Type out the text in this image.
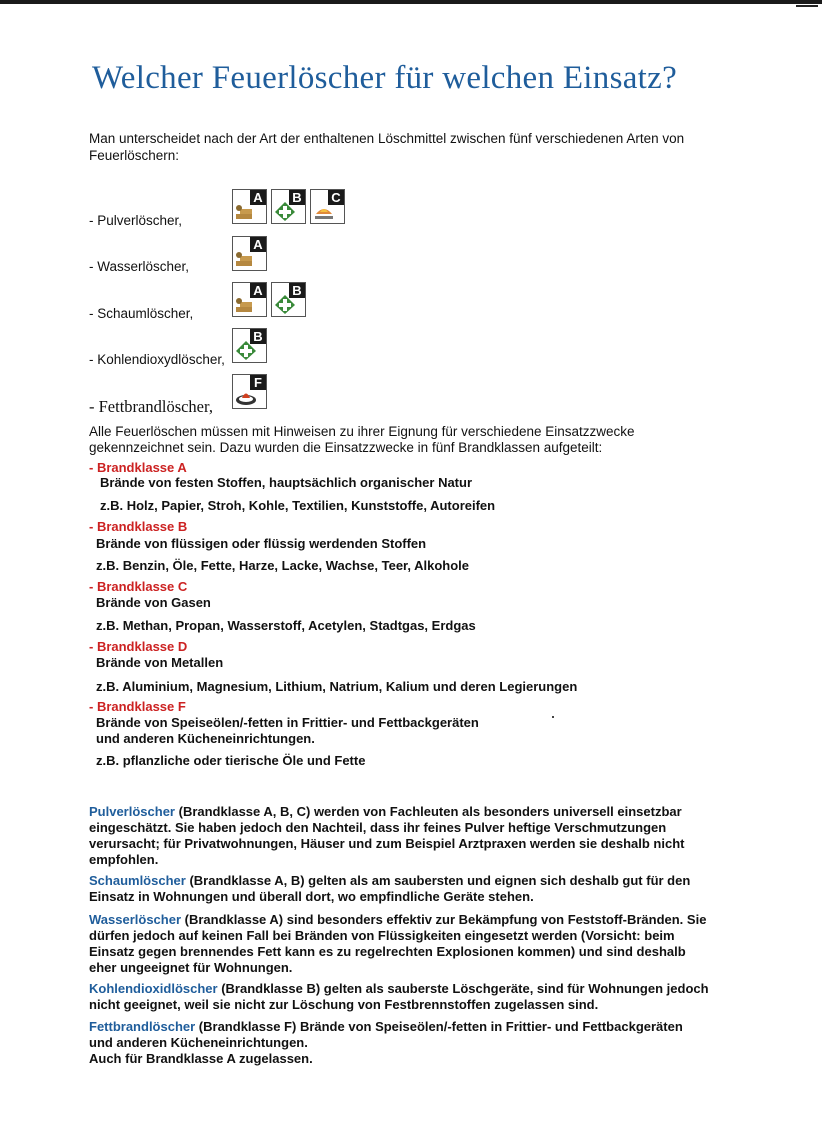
Welcher Feuerlöscher für welchen Einsatz?
Man unterscheidet nach der Art der enthaltenen Löschmittel zwischen fünf verschiedenen Arten von Feuerlöschern:
- Pulverlöscher,
- Wasserlöscher,
- Schaumlöscher,
- Kohlendioxydlöscher,
- Fettbrandlöscher,
A B C
A
A B
B
F
Alle Feuerlöschen müssen mit Hinweisen zu ihrer Eignung für verschiedene Einsatzzwecke gekennzeichnet sein. Dazu wurden die Einsatzzwecke in fünf Brandklassen aufgeteilt:
- Brandklasse A
Brände von festen Stoffen, hauptsächlich organischer Natur
z.B. Holz, Papier, Stroh, Kohle, Textilien, Kunststoffe, Autoreifen
- Brandklasse B
Brände von flüssigen oder flüssig werdenden Stoffen
z.B. Benzin, Öle, Fette, Harze, Lacke, Wachse, Teer, Alkohole
- Brandklasse C
Brände von Gasen
z.B. Methan, Propan, Wasserstoff, Acetylen, Stadtgas, Erdgas
- Brandklasse D
Brände von Metallen
z.B. Aluminium, Magnesium, Lithium, Natrium, Kalium und deren Legierungen
- Brandklasse F
Brände von Speiseölen/-fetten in Frittier- und Fettbackgeräten
und anderen Kücheneinrichtungen.
z.B. pflanzliche oder tierische Öle und Fette
Pulverlöscher (Brandklasse A, B, C) werden von Fachleuten als besonders universell einsetzbar eingeschätzt. Sie haben jedoch den Nachteil, dass ihr feines Pulver heftige Verschmutzungen verursacht; für Privatwohnungen, Häuser und zum Beispiel Arztpraxen werden sie deshalb nicht empfohlen.
Schaumlöscher (Brandklasse A, B) gelten als am saubersten und eignen sich deshalb gut für den Einsatz in Wohnungen und überall dort, wo empfindliche Geräte stehen.
Wasserlöscher (Brandklasse A) sind besonders effektiv zur Bekämpfung von Feststoff-Bränden. Sie dürfen jedoch auf keinen Fall bei Bränden von Flüssigkeiten eingesetzt werden (Vorsicht: beim Einsatz gegen brennendes Fett kann es zu regelrechten Explosionen kommen) und sind deshalb eher ungeeignet für Wohnungen.
Kohlendioxidlöscher (Brandklasse B) gelten als sauberste Löschgeräte, sind für Wohnungen jedoch nicht geeignet, weil sie nicht zur Löschung von Festbrennstoffen zugelassen sind.
Fettbrandlöscher (Brandklasse F) Brände von Speiseölen/-fetten in Frittier- und Fettbackgeräten und anderen Kücheneinrichtungen.
Auch für Brandklasse A zugelassen.
